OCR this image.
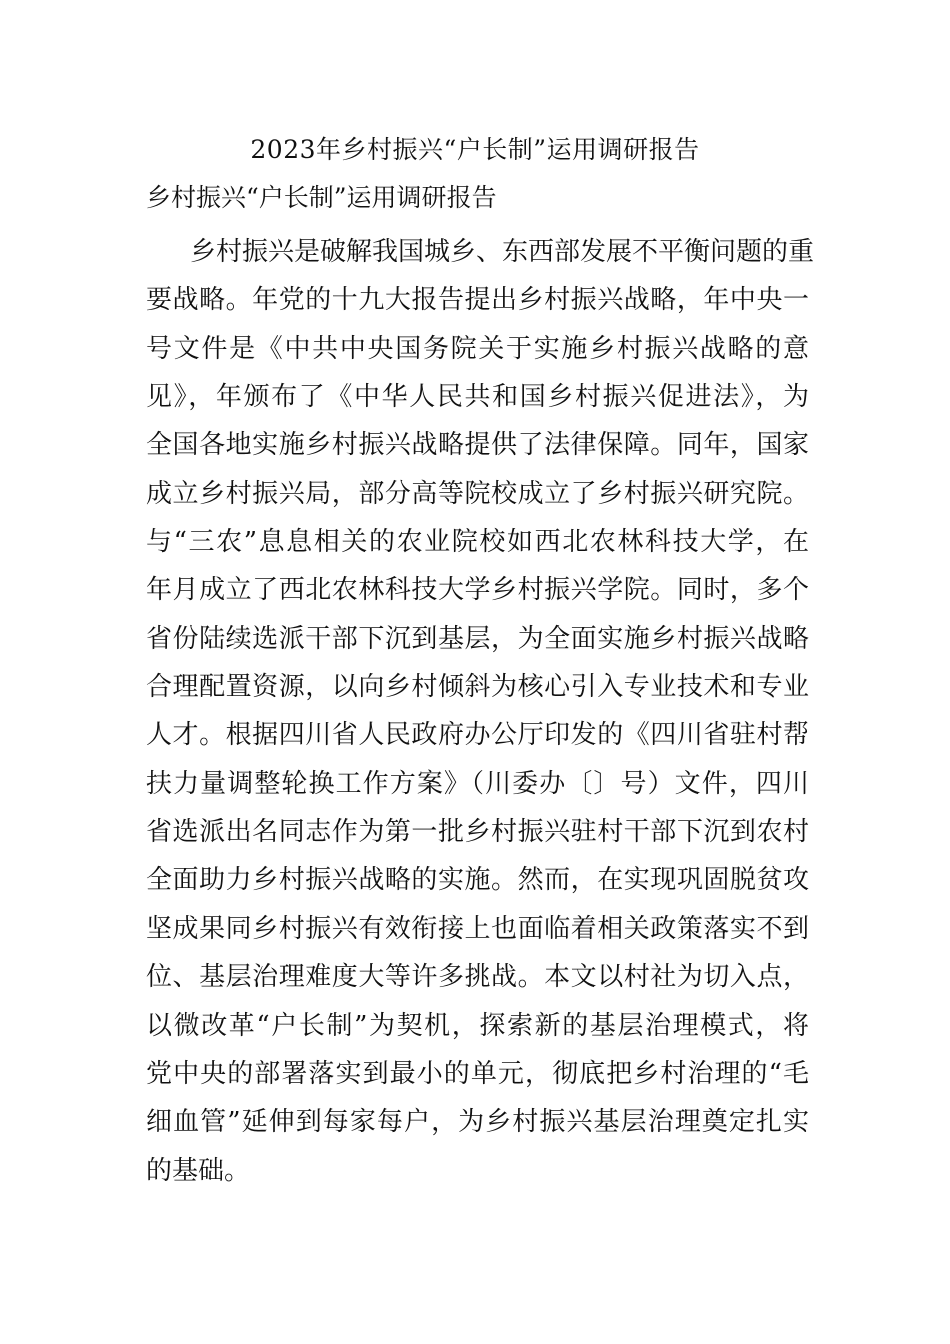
2023年乡村振兴“户长制”运用调研报告
乡村振兴“户长制”运用调研报告
乡村振兴是破解我国城乡、东西部发展不平衡问题的重
要战略。年党的十九大报告提出乡村振兴战略，年中央一
号文件是《中共中央国务院关于实施乡村振兴战略的意
见》，年颁布了《中华人民共和国乡村振兴促进法》，为
全国各地实施乡村振兴战略提供了法律保障。同年，国家
成立乡村振兴局，部分高等院校成立了乡村振兴研究院。
与“三农”息息相关的农业院校如西北农林科技大学，在
年月成立了西北农林科技大学乡村振兴学院。同时，多个
省份陆续选派干部下沉到基层，为全面实施乡村振兴战略
合理配置资源，以向乡村倾斜为核心引入专业技术和专业
人才。根据四川省人民政府办公厅印发的《四川省驻村帮
扶力量调整轮换工作方案》（川委办〔〕号）文件，四川
省选派出名同志作为第一批乡村振兴驻村干部下沉到农村
全面助力乡村振兴战略的实施。然而，在实现巩固脱贫攻
坚成果同乡村振兴有效衔接上也面临着相关政策落实不到
位、基层治理难度大等许多挑战。本文以村社为切入点，
以微改革“户长制”为契机，探索新的基层治理模式，将
党中央的部署落实到最小的单元，彻底把乡村治理的“毛
细血管”延伸到每家每户，为乡村振兴基层治理奠定扎实
的基础。
